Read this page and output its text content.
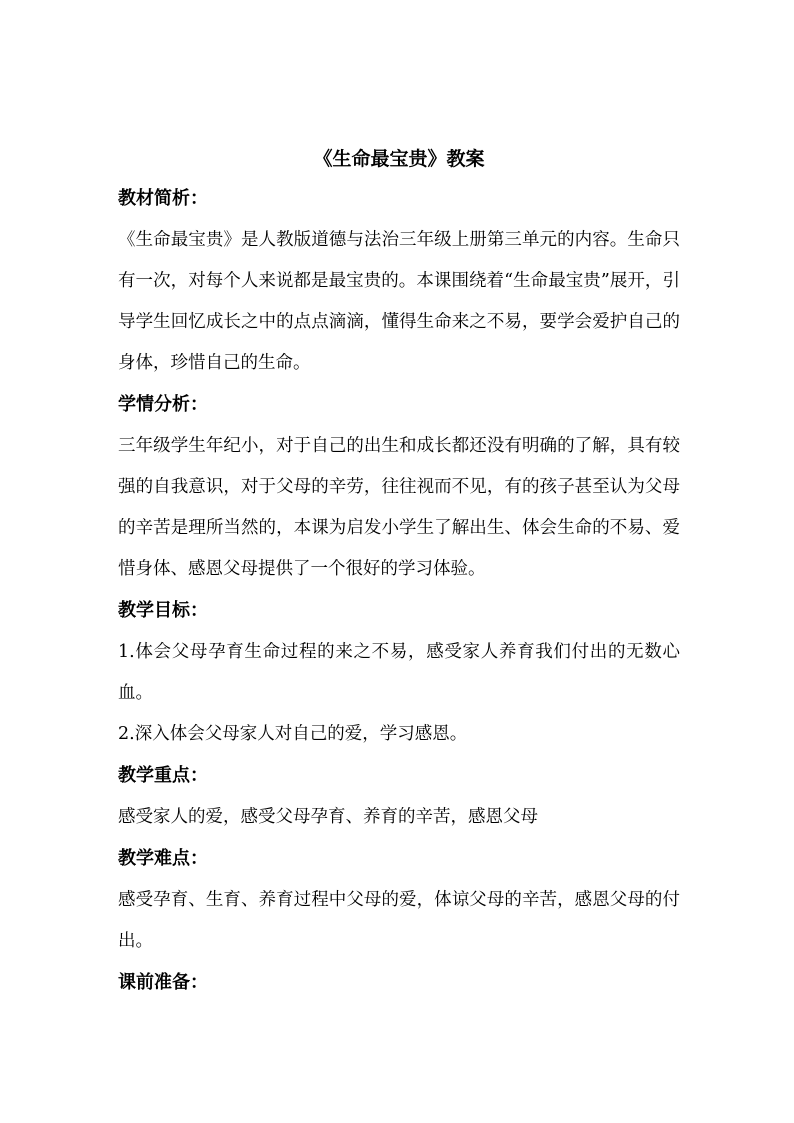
《生命最宝贵》教案

教材简析：

《生命最宝贵》是人教版道德与法治三年级上册第三单元的内容。生命只有一次，对每个人来说都是最宝贵的。本课围绕着“生命最宝贵”展开，引导学生回忆成长之中的点点滴滴，懂得生命来之不易，要学会爱护自己的身体，珍惜自己的生命。

学情分析：

三年级学生年纪小，对于自己的出生和成长都还没有明确的了解，具有较强的自我意识，对于父母的辛劳，往往视而不见，有的孩子甚至认为父母的辛苦是理所当然的，本课为启发小学生了解出生、体会生命的不易、爱惜身体、感恩父母提供了一个很好的学习体验。

教学目标：

1.体会父母孕育生命过程的来之不易，感受家人养育我们付出的无数心血。

2.深入体会父母家人对自己的爱，学习感恩。

教学重点：

感受家人的爱，感受父母孕育、养育的辛苦，感恩父母

教学难点：

感受孕育、生育、养育过程中父母的爱，体谅父母的辛苦，感恩父母的付出。

课前准备：
